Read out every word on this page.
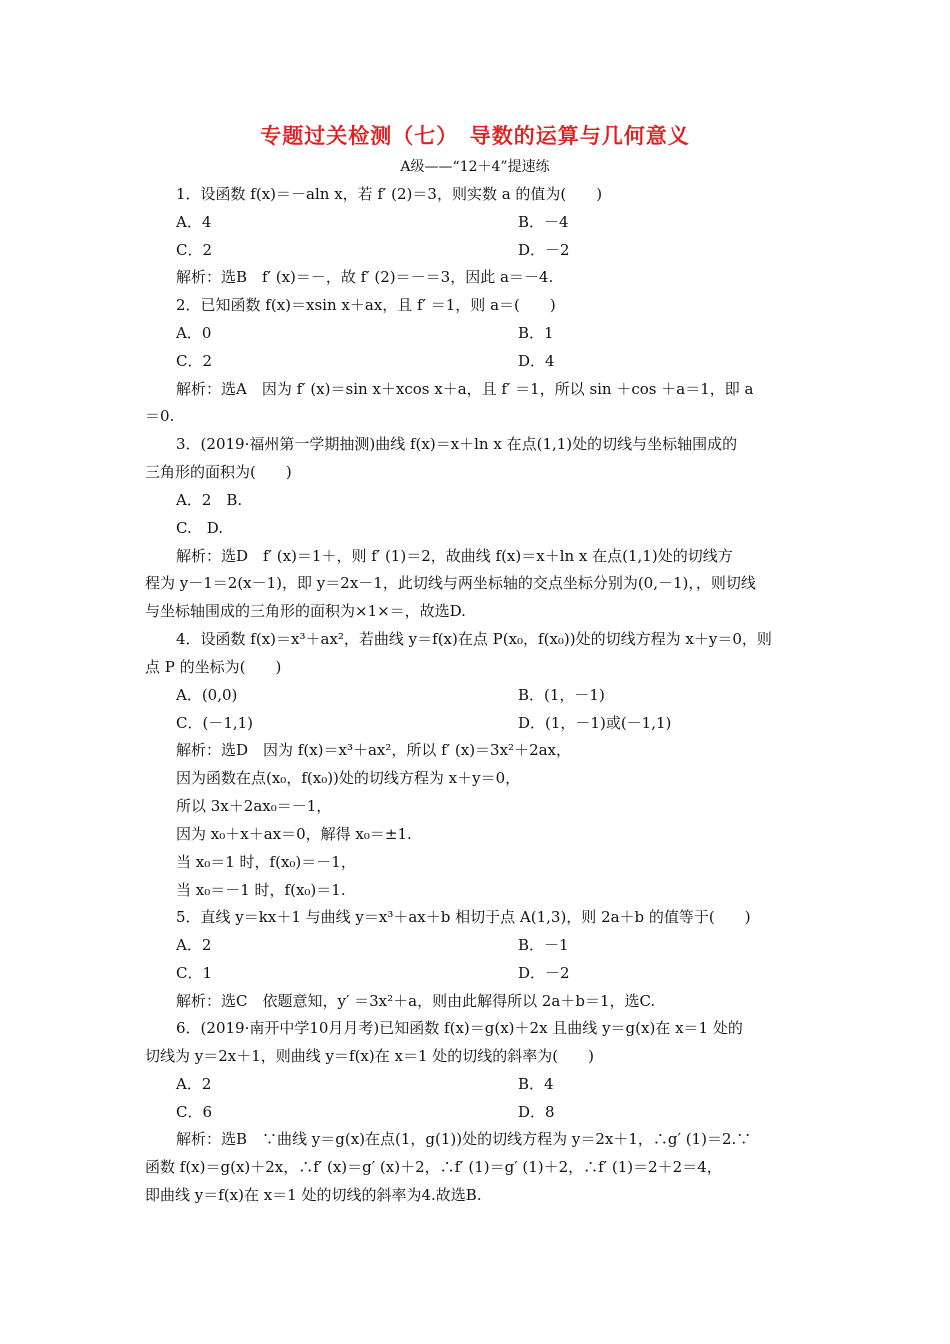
专题过关检测（七）　导数的运算与几何意义
A级——“12＋4”提速练
1．设函数 f(x)＝－aln x，若 f′ (2)＝3，则实数 a 的值为(　　)
A．4	B．－4
C．2	D．－2
解析：选B　f′ (x)＝－，故 f′ (2)＝－＝3，因此 a＝－4.
2．已知函数 f(x)＝xsin x＋ax，且 f′ ＝1，则 a＝(　　)
A．0	B．1
C．2	D．4
解析：选A　因为 f′ (x)＝sin x＋xcos x＋a，且 f′ ＝1，所以 sin ＋cos ＋a＝1，即 a
＝0.
3．(2019·福州第一学期抽测)曲线 f(x)＝x＋ln x 在点(1,1)处的切线与坐标轴围成的
三角形的面积为(　　)
A．2　B.
C.　D.
解析：选D　f′ (x)＝1＋，则 f′ (1)＝2，故曲线 f(x)＝x＋ln x 在点(1,1)处的切线方
程为 y－1＝2(x－1)，即 y＝2x－1，此切线与两坐标轴的交点坐标分别为(0,－1)，，则切线
与坐标轴围成的三角形的面积为×1×＝，故选D.
4．设函数 f(x)＝x³＋ax²，若曲线 y＝f(x)在点 P(x₀，f(x₀))处的切线方程为 x＋y＝0，则
点 P 的坐标为(　　)
A．(0,0)	B．(1，－1)
C．(－1,1)	D．(1，－1)或(－1,1)
解析：选D　因为 f(x)＝x³＋ax²，所以 f′ (x)＝3x²＋2ax，
因为函数在点(x₀，f(x₀))处的切线方程为 x＋y＝0，
所以 3x＋2ax₀＝－1，
因为 x₀＋x＋ax＝0，解得 x₀＝±1.
当 x₀＝1 时，f(x₀)＝－1，
当 x₀＝－1 时，f(x₀)＝1.
5．直线 y＝kx＋1 与曲线 y＝x³＋ax＋b 相切于点 A(1,3)，则 2a＋b 的值等于(　　)
A．2	B．－1
C．1	D．－2
解析：选C　依题意知，y′ ＝3x²＋a，则由此解得所以 2a＋b＝1，选C.
6．(2019·南开中学10月月考)已知函数 f(x)＝g(x)＋2x 且曲线 y＝g(x)在 x＝1 处的
切线为 y＝2x＋1，则曲线 y＝f(x)在 x＝1 处的切线的斜率为(　　)
A．2	B．4
C．6	D．8
解析：选B　∵曲线 y＝g(x)在点(1，g(1))处的切线方程为 y＝2x＋1，∴g′ (1)＝2.∵
函数 f(x)＝g(x)＋2x，∴f′ (x)＝g′ (x)＋2，∴f′ (1)＝g′ (1)＋2，∴f′ (1)＝2＋2＝4，
即曲线 y＝f(x)在 x＝1 处的切线的斜率为4.故选B.
